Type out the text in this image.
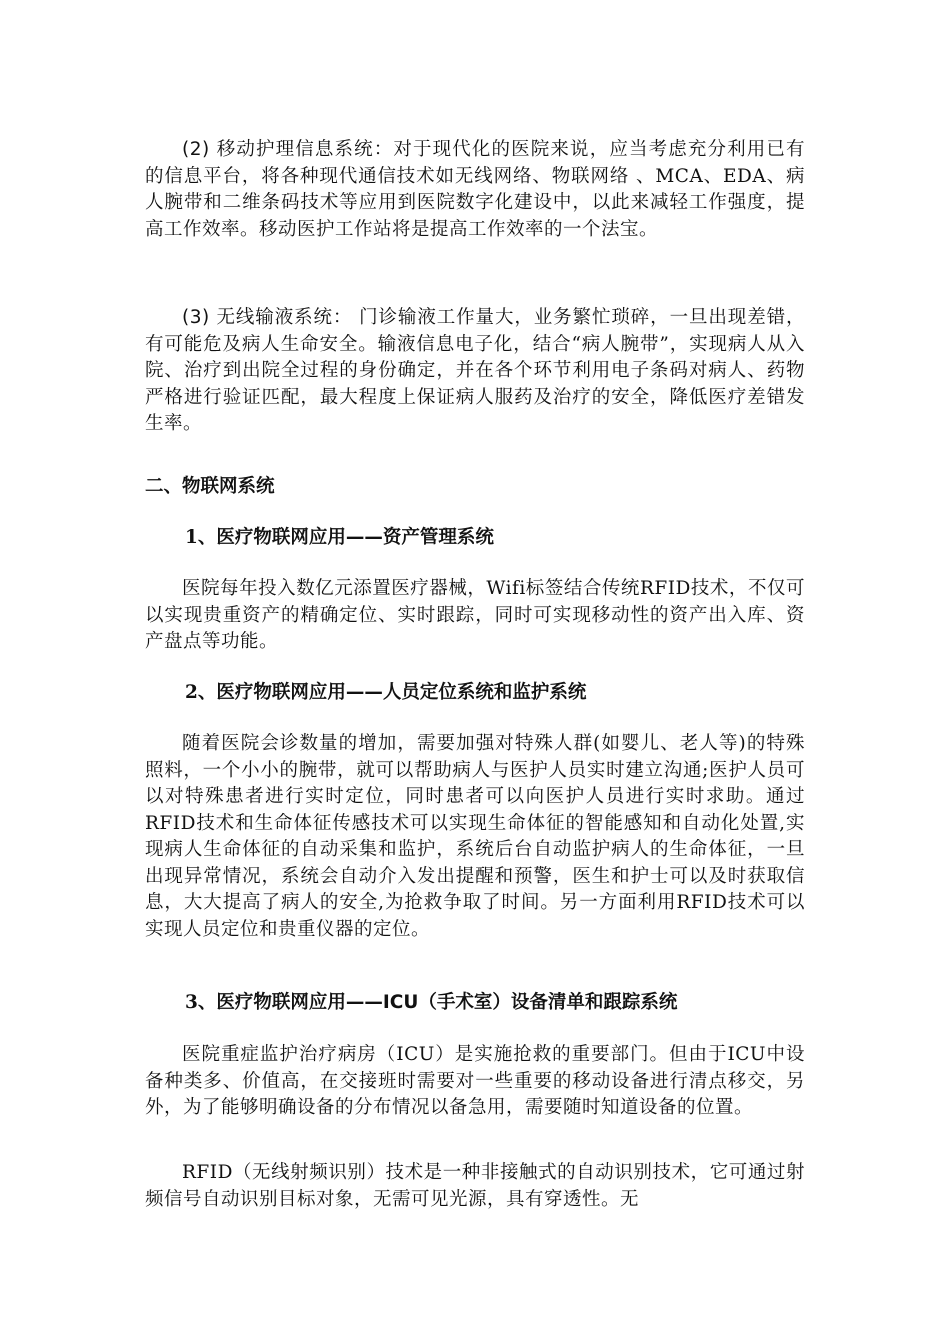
(2) 移动护理信息系统：对于现代化的医院来说，应当考虑充分利用已有的信息平台，将各种现代通信技术如无线网络、物联网络 、MCA、EDA、病人腕带和二维条码技术等应用到医院数字化建设中，以此来减轻工作强度，提高工作效率。移动医护工作站将是提高工作效率的一个法宝。

(3) 无线输液系统： 门诊输液工作量大，业务繁忙琐碎，一旦出现差错，有可能危及病人生命安全。输液信息电子化，结合“病人腕带”，实现病人从入院、治疗到出院全过程的身份确定，并在各个环节利用电子条码对病人、药物严格进行验证匹配，最大程度上保证病人服药及治疗的安全，降低医疗差错发生率。

二、物联网系统
1、医疗物联网应用——资产管理系统

医院每年投入数亿元添置医疗器械，Wifi标签结合传统RFID技术，不仅可以实现贵重资产的精确定位、实时跟踪，同时可实现移动性的资产出入库、资产盘点等功能。

2、医疗物联网应用——人员定位系统和监护系统

随着医院会诊数量的增加，需要加强对特殊人群(如婴儿、老人等)的特殊照料，一个小小的腕带，就可以帮助病人与医护人员实时建立沟通;医护人员可以对特殊患者进行实时定位，同时患者可以向医护人员进行实时求助。通过RFID技术和生命体征传感技术可以实现生命体征的智能感知和自动化处置,实现病人生命体征的自动采集和监护，系统后台自动监护病人的生命体征，一旦出现异常情况，系统会自动介入发出提醒和预警，医生和护士可以及时获取信息，大大提高了病人的安全,为抢救争取了时间。另一方面利用RFID技术可以实现人员定位和贵重仪器的定位。

3、医疗物联网应用——ICU（手术室）设备清单和跟踪系统

医院重症监护治疗病房（ICU）是实施抢救的重要部门。但由于ICU中设备种类多、价值高，在交接班时需要对一些重要的移动设备进行清点移交，另外，为了能够明确设备的分布情况以备急用，需要随时知道设备的位置。

RFID（无线射频识别）技术是一种非接触式的自动识别技术，它可通过射频信号自动识别目标对象，无需可见光源，具有穿透性。无
